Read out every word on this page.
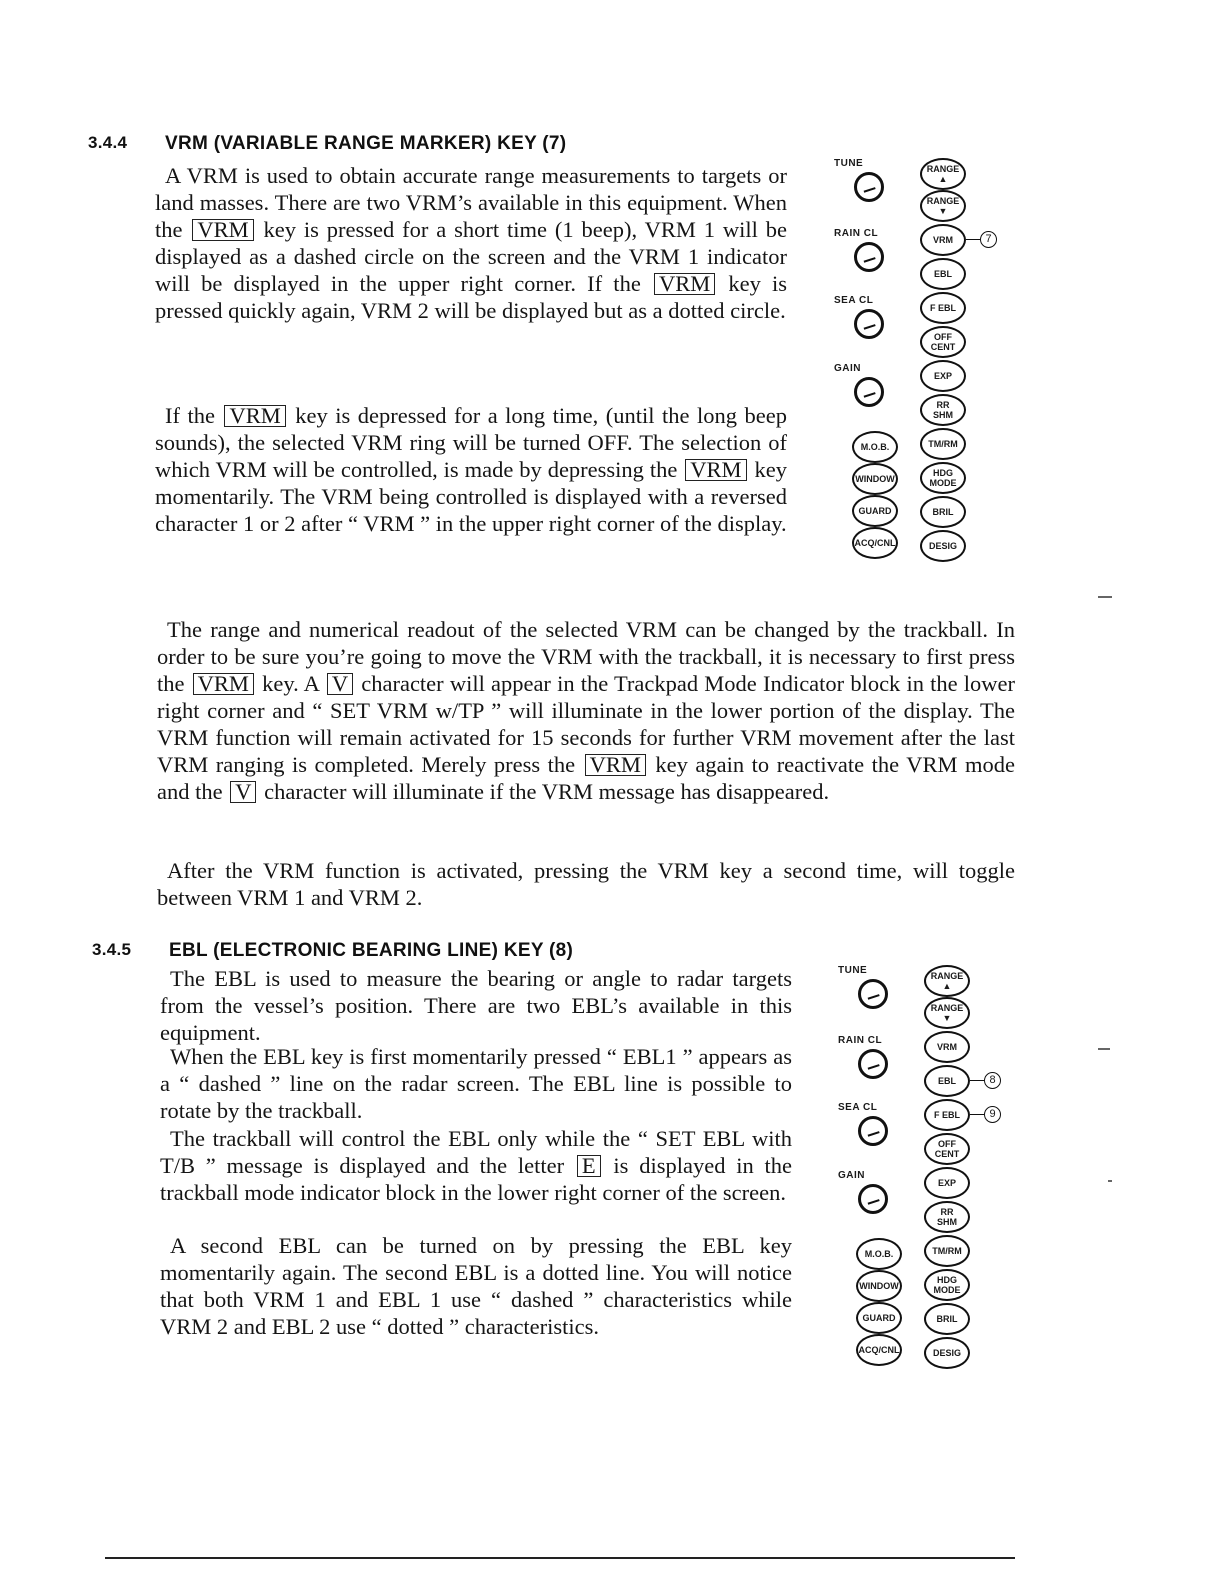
3.4.4 VRM (VARIABLE RANGE MARKER) KEY (7)
A VRM is used to obtain accurate range measurements to targets or land masses. There are two VRM’s available in this equipment. When the VRM key is pressed for a short time (1 beep), VRM 1 will be displayed as a dashed circle on the screen and the VRM 1 indicator will be displayed in the upper right corner. If the VRM key is pressed quickly again, VRM 2 will be displayed but as a dotted circle.
If the VRM key is depressed for a long time, (until the long beep sounds), the selected VRM ring will be turned OFF. The selection of which VRM will be controlled, is made by depressing the VRM key momentarily. The VRM being controlled is displayed with a reversed character 1 or 2 after “ VRM ” in the upper right corner of the display.
The range and numerical readout of the selected VRM can be changed by the trackball. In order to be sure you’re going to move the VRM with the trackball, it is necessary to first press the VRM key. A V character will appear in the Trackpad Mode Indicator block in the lower right corner and “ SET VRM w/TP ” will illuminate in the lower portion of the display. The VRM function will remain activated for 15 seconds for further VRM movement after the last VRM ranging is completed. Merely press the VRM key again to reactivate the VRM mode and the V character will illuminate if the VRM message has disappeared.
After the VRM function is activated, pressing the VRM key a second time, will toggle between VRM 1 and VRM 2.
3.4.5 EBL (ELECTRONIC BEARING LINE) KEY (8)
The EBL is used to measure the bearing or angle to radar targets from the vessel’s position. There are two EBL’s available in this equipment.
When the EBL key is first momentarily pressed “ EBL1 ” appears as a “ dashed ” line on the radar screen. The EBL line is possible to rotate by the trackball.
The trackball will control the EBL only while the “ SET EBL with T/B ” message is displayed and the letter E is displayed in the trackball mode indicator block in the lower right corner of the screen.
A second EBL can be turned on by pressing the EBL key momentarily again. The second EBL is a dotted line. You will notice that both VRM 1 and EBL 1 use “ dashed ” characteristics while VRM 2 and EBL 2 use “ dotted ” characteristics.
TUNE
RAIN CL
SEA CL
GAIN
M.O.B.
WINDOW
GUARD
ACQ/CNL
RANGE
▲
RANGE
▼
VRM
EBL
F EBL
OFF
CENT
EXP
RR
SHM
TM/RM
HDG
MODE
BRIL
DESIG
7
TUNE
RAIN CL
SEA CL
GAIN
M.O.B.
WINDOW
GUARD
ACQ/CNL
RANGE
▲
RANGE
▼
VRM
EBL
F EBL
OFF
CENT
EXP
RR
SHM
TM/RM
HDG
MODE
BRIL
DESIG
8
9
